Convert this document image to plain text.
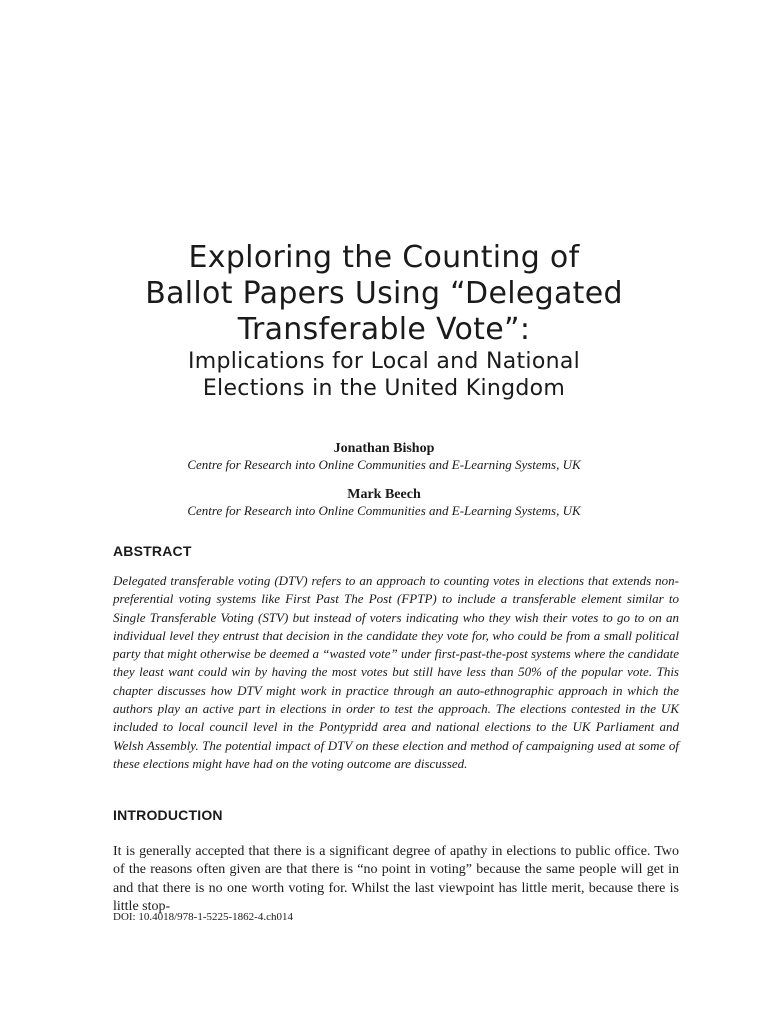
Exploring the Counting of
Ballot Papers Using “Delegated
Transferable Vote”:
Implications for Local and National
Elections in the United Kingdom
Jonathan Bishop
Centre for Research into Online Communities and E-Learning Systems, UK
Mark Beech
Centre for Research into Online Communities and E-Learning Systems, UK
ABSTRACT
Delegated transferable voting (DTV) refers to an approach to counting votes in elections that extends non-preferential voting systems like First Past The Post (FPTP) to include a transferable element similar to Single Transferable Voting (STV) but instead of voters indicating who they wish their votes to go to on an individual level they entrust that decision in the candidate they vote for, who could be from a small political party that might otherwise be deemed a “wasted vote” under first-past-the-post systems where the candidate they least want could win by having the most votes but still have less than 50% of the popular vote. This chapter discusses how DTV might work in practice through an auto-ethnographic approach in which the authors play an active part in elections in order to test the approach. The elections contested in the UK included to local council level in the Pontypridd area and national elections to the UK Parliament and Welsh Assembly. The potential impact of DTV on these election and method of campaigning used at some of these elections might have had on the voting outcome are discussed.
INTRODUCTION
It is generally accepted that there is a significant degree of apathy in elections to public office. Two of the reasons often given are that there is “no point in voting” because the same people will get in and that there is no one worth voting for. Whilst the last viewpoint has little merit, because there is little stop-
DOI: 10.4018/978-1-5225-1862-4.ch014
